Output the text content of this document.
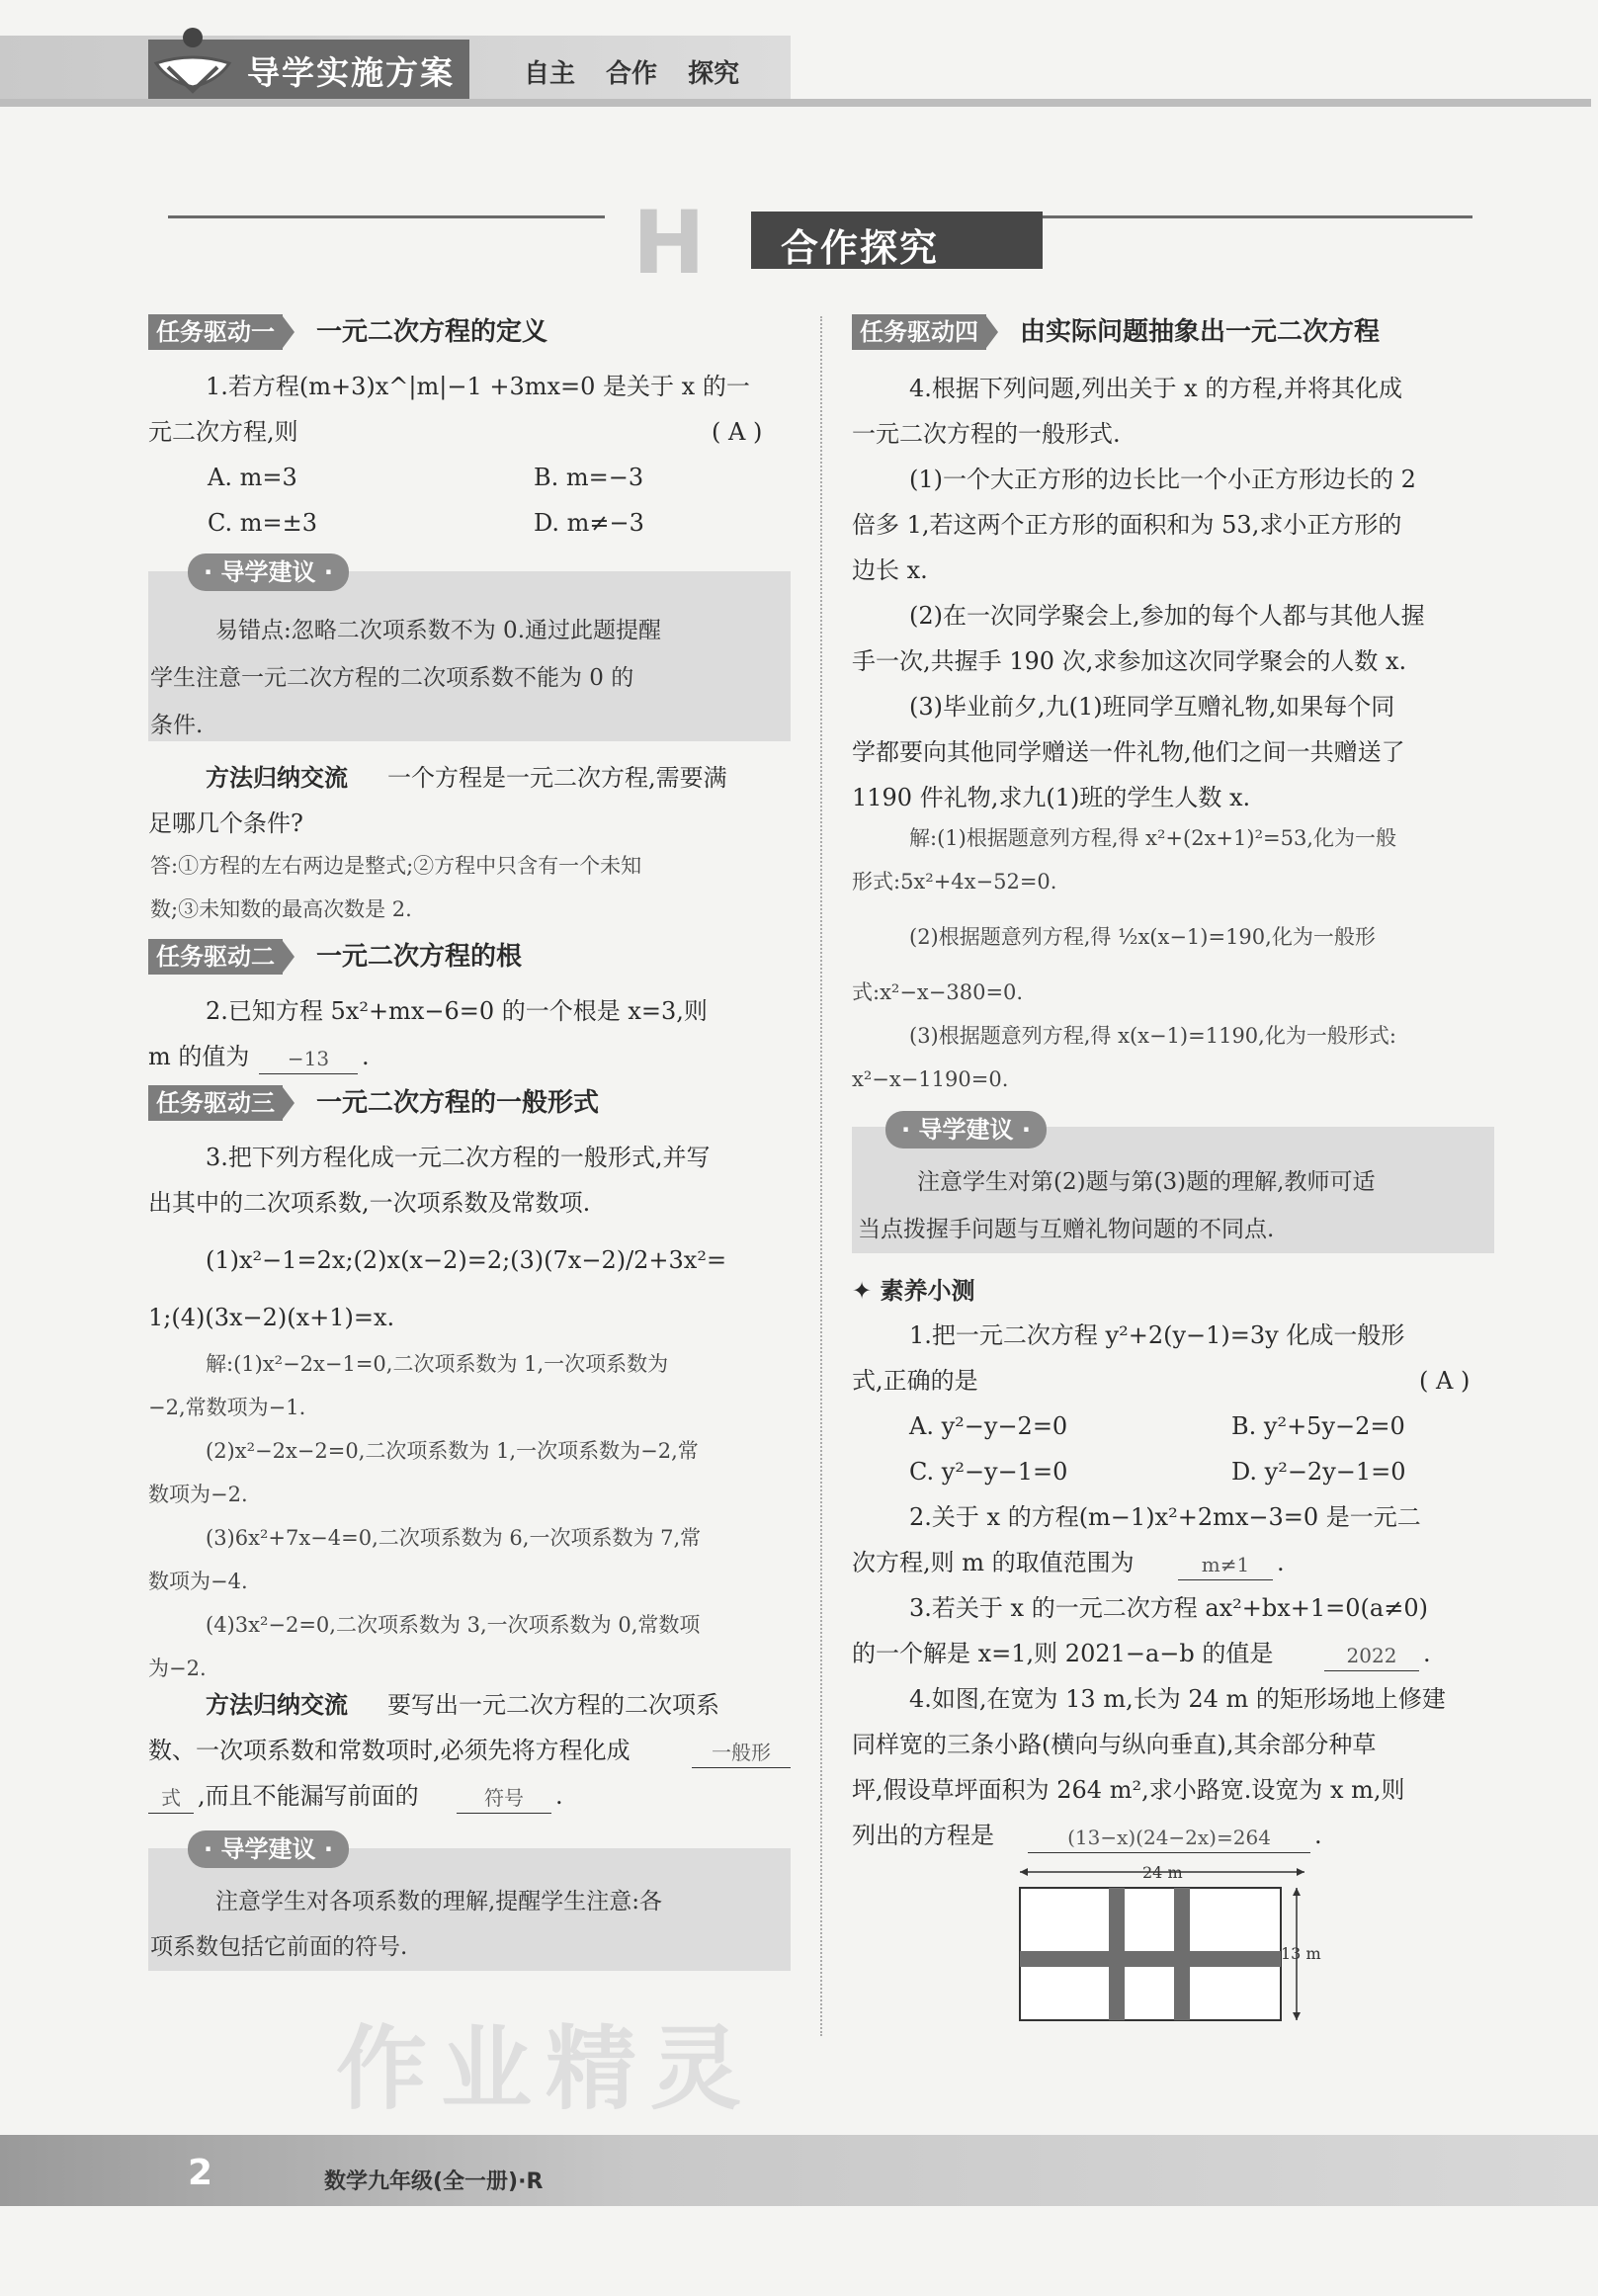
导学实施方案	自主 合作 探究
H 合作探究
任务驱动一 一元二次方程的定义
1.若方程(m+3)x^|m|−1 +3mx=0 是关于 x 的一
元二次方程,则	( A )
A. m=3	B. m=−3
C. m=±3	D. m≠−3
· 导学建议 ·
易错点:忽略二次项系数不为 0.通过此题提醒
学生注意一元二次方程的二次项系数不能为 0 的
条件.
方法归纳交流 一个方程是一元二次方程,需要满
足哪几个条件?
答:①方程的左右两边是整式;②方程中只含有一个未知
数;③未知数的最高次数是 2.
任务驱动二 一元二次方程的根
2.已知方程 5x²+mx−6=0 的一个根是 x=3,则
m 的值为	−13	.
任务驱动三 一元二次方程的一般形式
3.把下列方程化成一元二次方程的一般形式,并写
出其中的二次项系数,一次项系数及常数项.
(1)x²−1=2x;(2)x(x−2)=2;(3)(7x−2)/2+3x²=
1;(4)(3x−2)(x+1)=x.
解:(1)x²−2x−1=0,二次项系数为 1,一次项系数为
−2,常数项为−1.
(2)x²−2x−2=0,二次项系数为 1,一次项系数为−2,常
数项为−2.
(3)6x²+7x−4=0,二次项系数为 6,一次项系数为 7,常
数项为−4.
(4)3x²−2=0,二次项系数为 3,一次项系数为 0,常数项
为−2.
方法归纳交流 要写出一元二次方程的二次项系
数、一次项系数和常数项时,必须先将方程化成	一般形
式 ,而且不能漏写前面的	符号	.
· 导学建议 ·
注意学生对各项系数的理解,提醒学生注意:各
项系数包括它前面的符号.
任务驱动四 由实际问题抽象出一元二次方程
4.根据下列问题,列出关于 x 的方程,并将其化成
一元二次方程的一般形式.
(1)一个大正方形的边长比一个小正方形边长的 2
倍多 1,若这两个正方形的面积和为 53,求小正方形的
边长 x.
(2)在一次同学聚会上,参加的每个人都与其他人握
手一次,共握手 190 次,求参加这次同学聚会的人数 x.
(3)毕业前夕,九(1)班同学互赠礼物,如果每个同
学都要向其他同学赠送一件礼物,他们之间一共赠送了
1190 件礼物,求九(1)班的学生人数 x.
解:(1)根据题意列方程,得 x²+(2x+1)²=53,化为一般
形式:5x²+4x−52=0.
(2)根据题意列方程,得 ½x(x−1)=190,化为一般形
式:x²−x−380=0.
(3)根据题意列方程,得 x(x−1)=1190,化为一般形式:
x²−x−1190=0.
· 导学建议 ·
注意学生对第(2)题与第(3)题的理解,教师可适
当点拨握手问题与互赠礼物问题的不同点.
✦ 素养小测
1.把一元二次方程 y²+2(y−1)=3y 化成一般形
式,正确的是	( A )
A. y²−y−2=0	B. y²+5y−2=0
C. y²−y−1=0	D. y²−2y−1=0
2.关于 x 的方程(m−1)x²+2mx−3=0 是一元二
次方程,则 m 的取值范围为	m≠1	.
3.若关于 x 的一元二次方程 ax²+bx+1=0(a≠0)
的一个解是 x=1,则 2021−a−b 的值是	2022	.
4.如图,在宽为 13 m,长为 24 m 的矩形场地上修建
同样宽的三条小路(横向与纵向垂直),其余部分种草
坪,假设草坪面积为 264 m²,求小路宽.设宽为 x m,则
列出的方程是	(13−x)(24−2x)=264	.
24 m
13 m
作业精灵
2	数学九年级(全一册)·R
